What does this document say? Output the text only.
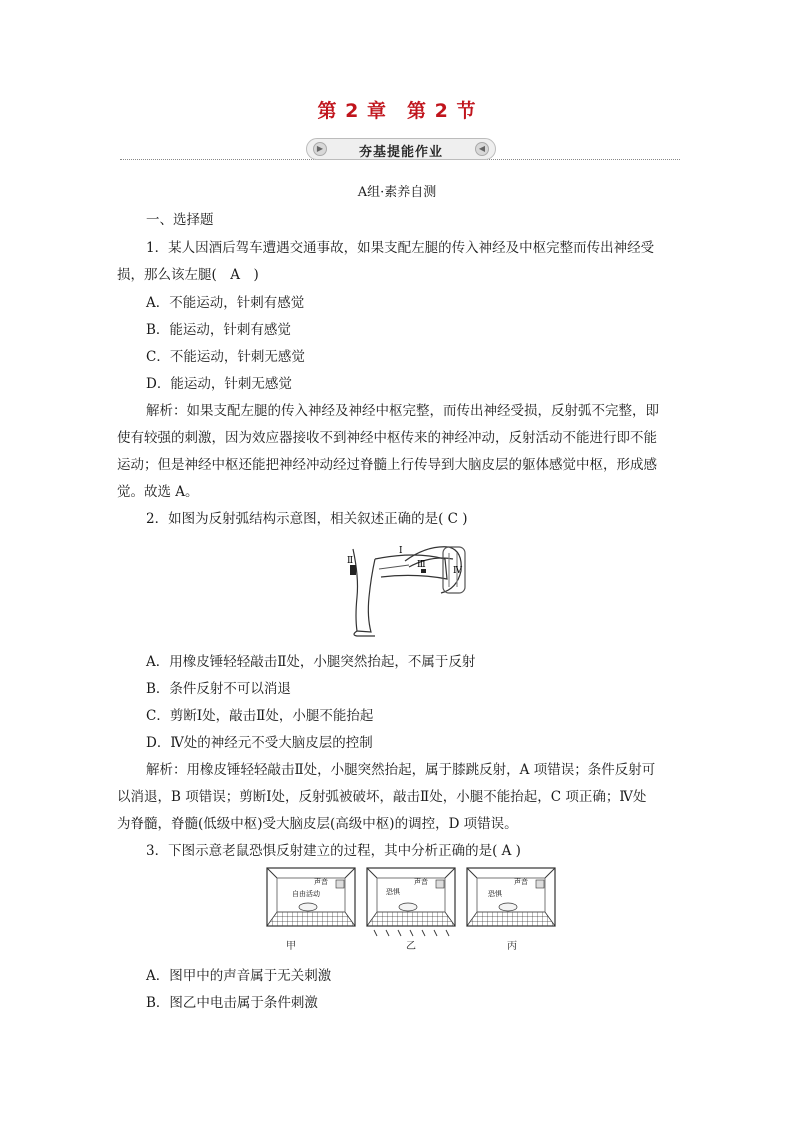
第 2 章　第 2 节
▶	夯基提能作业	◀
A组·素养自测
一、选择题
1．某人因酒后驾车遭遇交通事故，如果支配左腿的传入神经及中枢完整而传出神经受
损，那么该左腿(　A　)
A．不能运动，针刺有感觉
B．能运动，针刺有感觉
C．不能运动，针刺无感觉
D．能运动，针刺无感觉
解析：如果支配左腿的传入神经及神经中枢完整，而传出神经受损，反射弧不完整，即
使有较强的刺激，因为效应器接收不到神经中枢传来的神经冲动，反射活动不能进行即不能
运动；但是神经中枢还能把神经冲动经过脊髓上行传导到大脑皮层的躯体感觉中枢，形成感
觉。故选 A。
2．如图为反射弧结构示意图，相关叙述正确的是( C )
Ⅰ
Ⅱ	Ⅲ
Ⅳ
A．用橡皮锤轻轻敲击Ⅱ处，小腿突然抬起，不属于反射
B．条件反射不可以消退
C．剪断Ⅰ处，敲击Ⅱ处，小腿不能抬起
D．Ⅳ处的神经元不受大脑皮层的控制
解析：用橡皮锤轻轻敲击Ⅱ处，小腿突然抬起，属于膝跳反射，A 项错误；条件反射可
以消退，B 项错误；剪断Ⅰ处，反射弧被破坏，敲击Ⅱ处，小腿不能抬起，C 项正确；Ⅳ处
为脊髓，脊髓(低级中枢)受大脑皮层(高级中枢)的调控，D 项错误。
3．下图示意老鼠恐惧反射建立的过程，其中分析正确的是( A )
声音
自由活动
声音
恐惧
声音
恐惧
甲	乙	丙
A．图甲中的声音属于无关刺激
B．图乙中电击属于条件刺激
